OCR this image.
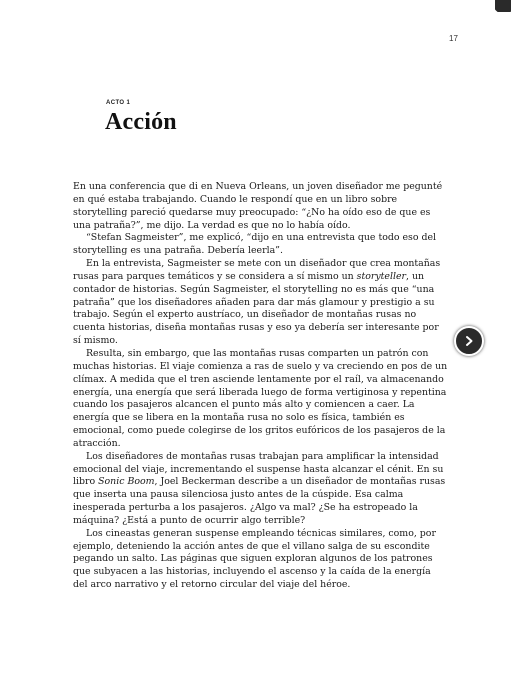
17
ACTO 1
Acción

En una conferencia que di en Nueva Orleans, un joven diseñador me pegunté en qué estaba trabajando. Cuando le respondí que en un libro sobre storytelling pareció quedarse muy preocupado: “¿No ha oído eso de que es una patraña?”, me dijo. La verdad es que no lo había oído.

“Stefan Sagmeister”, me explicó, “dijo en una entrevista que todo eso del storytelling es una patraña. Debería leerla”.

En la entrevista, Sagmeister se mete con un diseñador que crea montañas rusas para parques temáticos y se considera a sí mismo un storyteller, un contador de historias. Según Sagmeister, el storytelling no es más que “una patraña” que los diseñadores añaden para dar más glamour y prestigio a su trabajo. Según el experto austríaco, un diseñador de montañas rusas no cuenta historias, diseña montañas rusas y eso ya debería ser interesante por sí mismo.

Resulta, sin embargo, que las montañas rusas comparten un patrón con muchas historias. El viaje comienza a ras de suelo y va creciendo en pos de un clímax. A medida que el tren asciende lentamente por el raíl, va almacenando energía, una energía que será liberada luego de forma vertiginosa y repentina cuando los pasajeros alcancen el punto más alto y comiencen a caer. La energía que se libera en la montaña rusa no solo es física, también es emocional, como puede colegirse de los gritos eufóricos de los pasajeros de la atracción.

Los diseñadores de montañas rusas trabajan para amplificar la intensidad emocional del viaje, incrementando el suspense hasta alcanzar el cénit. En su libro Sonic Boom, Joel Beckerman describe a un diseñador de montañas rusas que inserta una pausa silenciosa justo antes de la cúspide. Esa calma inesperada perturba a los pasajeros. ¿Algo va mal? ¿Se ha estropeado la máquina? ¿Está a punto de ocurrir algo terrible?

Los cineastas generan suspense empleando técnicas similares, como, por ejemplo, deteniendo la acción antes de que el villano salga de su escondite pegando un salto. Las páginas que siguen exploran algunos de los patrones que subyacen a las historias, incluyendo el ascenso y la caída de la energía del arco narrativo y el retorno circular del viaje del héroe.
